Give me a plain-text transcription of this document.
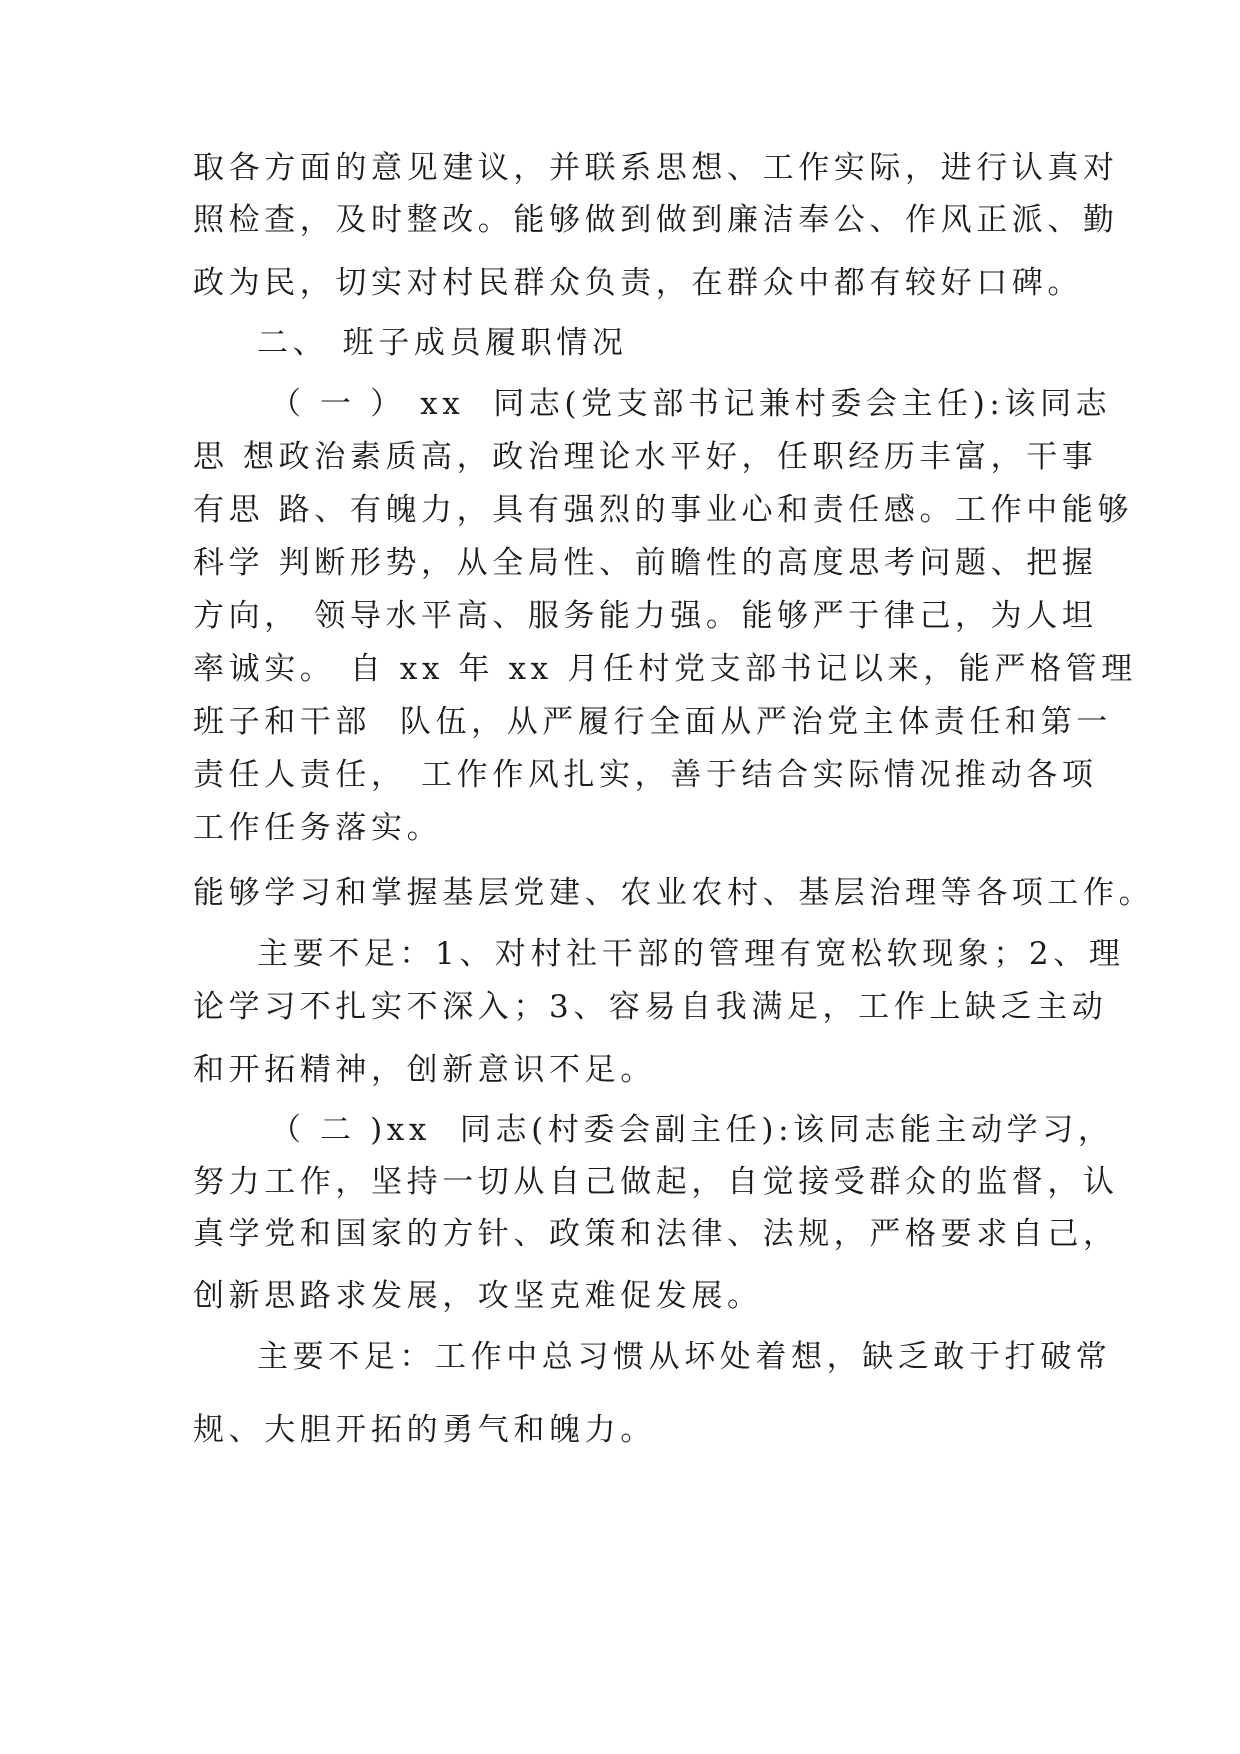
取各方面的意见建议，并联系思想、工作实际，进行认真对
照检查，及时整改。能够做到做到廉洁奉公、作风正派、勤
政为民，切实对村民群众负责，在群众中都有较好口碑。
二、 班子成员履职情况
（ 一 ） xx  同志(党支部书记兼村委会主任):该同志
思 想政治素质高，政治理论水平好，任职经历丰富，干事
有思 路、有魄力，具有强烈的事业心和责任感。工作中能够
科学 判断形势，从全局性、前瞻性的高度思考问题、把握
方向， 领导水平高、服务能力强。能够严于律己，为人坦
率诚实。 自 xx 年 xx 月任村党支部书记以来，能严格管理
班子和干部  队伍，从严履行全面从严治党主体责任和第一
责任人责任， 工作作风扎实，善于结合实际情况推动各项
工作任务落实。
能够学习和掌握基层党建、农业农村、基层治理等各项工作。
主要不足：1、对村社干部的管理有宽松软现象；2、理
论学习不扎实不深入；3、容易自我满足，工作上缺乏主动
和开拓精神，创新意识不足。
（ 二 )xx  同志(村委会副主任):该同志能主动学习，
努力工作，坚持一切从自己做起，自觉接受群众的监督，认
真学党和国家的方针、政策和法律、法规，严格要求自己，
创新思路求发展，攻坚克难促发展。
主要不足：工作中总习惯从坏处着想，缺乏敢于打破常
规、大胆开拓的勇气和魄力。
